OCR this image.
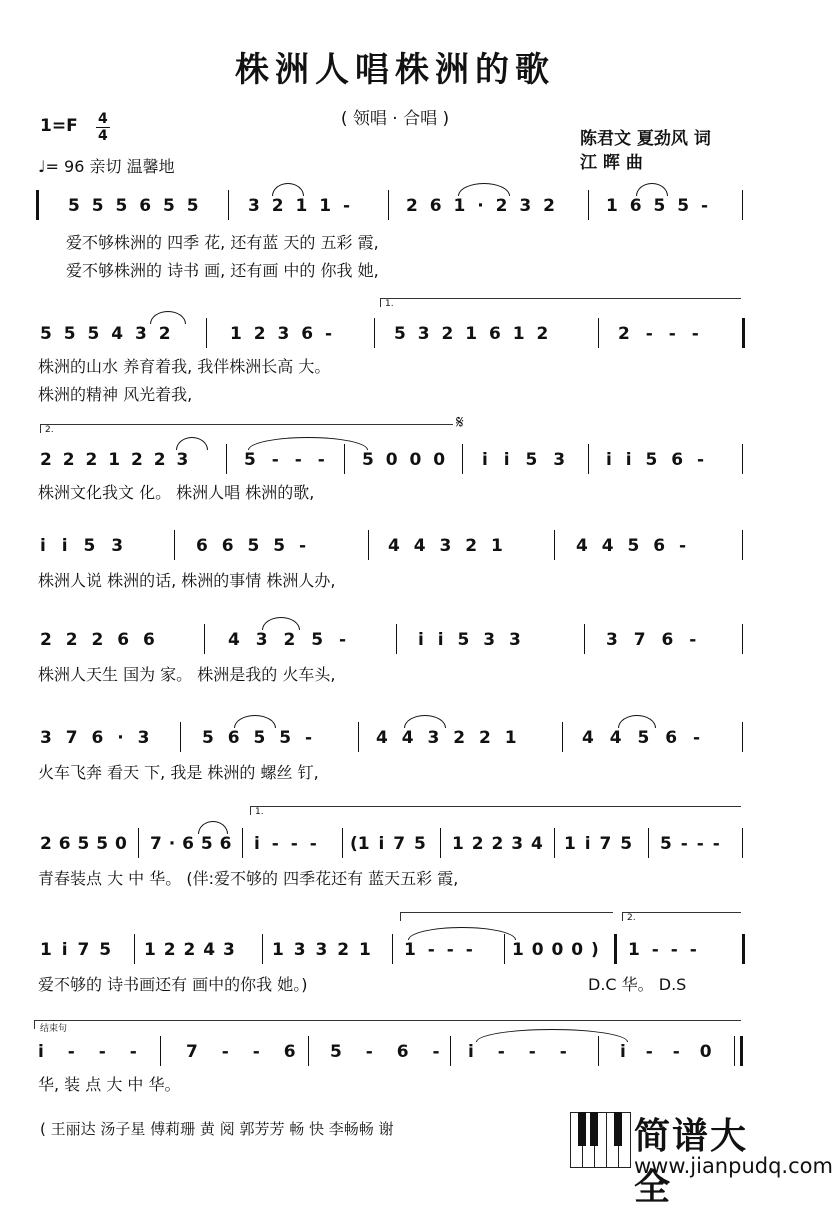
株洲人唱株洲的歌
( 领唱 · 合唱 )
1=F 4
4
♩= 96 亲切 温馨地
陈君文 夏劲风 词
江 晖 曲
5 5 5 6 5 5	3 2 1 1 -	2 6 1 · 2 3 2	1 6 5 5 -
爱不够株洲的 四季 花, 还有蓝 天的 五彩 霞,
爱不够株洲的 诗书 画, 还有画 中的 你我 她,
5 5 5 4 3 2	1 2 3 6 -
1.
5 3 2 1 6 1 2	2 - - -
株洲的山水 养育着我, 我伴株洲长高 大。
株洲的精神 风光着我,
2.	𝄋
2 2 2 1 2 2 3	5 - - - 5 0 0 0 i i 5 3 i i 5 6 -
株洲文化我文 化。 株洲人唱 株洲的歌,
i i 5 3	6 6 5 5 -	4 4 3 2 1	4 4 5 6 -
株洲人说 株洲的话, 株洲的事情 株洲人办,
2 2 2 6 6	4 3 2 5 -	i i 5 3 3	3 7 6 -
株洲人天生 国为 家。 株洲是我的 火车头,
3 7 6 · 3	5 6 5 5 -	4 4 3 2 2 1	4 4 5 6 -
火车飞奔 看天 下, 我是 株洲的 螺丝 钉,
2 6 5 5 0 7 · 6 5 6
1.
i - - - (1 i 7 5 1 2 2 3 4 1 i 7 5 5 - - -
青春装点 大 中 华。 (伴:爱不够的 四季花还有 蓝天五彩 霞,
1 i 7 5 1 2 2 4 3 1 3 3 2 1 1 - - - 1 0 0 0 )
2.
1 - - -
爱不够的 诗书画还有 画中的你我 她。)	D.C 华。 D.S
结束句
i - - -	7 - - 6 5 - 6 - i - - -	i - - 0
华, 装 点 大 中 华。
( 王丽达 汤子星 傅莉珊 黄 阅 郭芳芳 畅 快 李畅畅 谢	简谱大全
www.jianpudq.com
